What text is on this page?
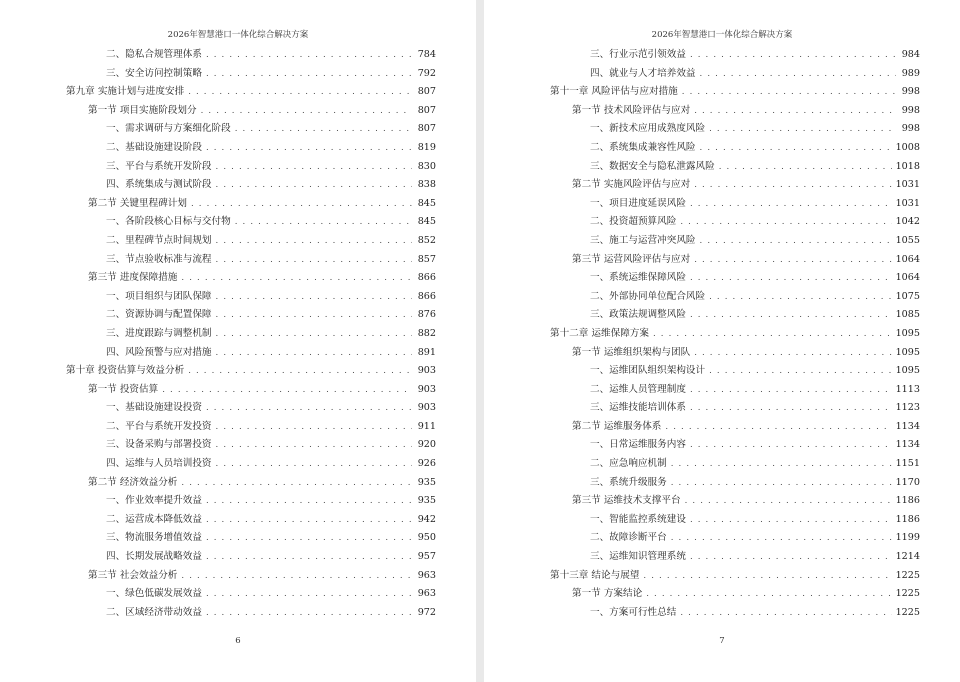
2026年智慧港口一体化综合解决方案
二、隐私合规管理体系 . . .	784
三、安全访问控制策略 . . .	792
第九章 实施计划与进度安排 . . .	807
第一节 项目实施阶段划分 . . .	807
一、需求调研与方案细化阶段 . . .	807
二、基础设施建设阶段 . . .	819
三、平台与系统开发阶段 . . .	830
四、系统集成与测试阶段 . . .	838
第二节 关键里程碑计划 . . .	845
一、各阶段核心目标与交付物 . . .	845
二、里程碑节点时间规划 . . .	852
三、节点验收标准与流程 . . .	857
第三节 进度保障措施 . . .	866
一、项目组织与团队保障 . . .	866
二、资源协调与配置保障 . . .	876
三、进度跟踪与调整机制 . . .	882
四、风险预警与应对措施 . . .	891
第十章 投资估算与效益分析 . . .	903
第一节 投资估算 . . .	903
一、基础设施建设投资 . . .	903
二、平台与系统开发投资 . . .	911
三、设备采购与部署投资 . . .	920
四、运维与人员培训投资 . . .	926
第二节 经济效益分析 . . .	935
一、作业效率提升效益 . . .	935
二、运营成本降低效益 . . .	942
三、物流服务增值效益 . . .	950
四、长期发展战略效益 . . .	957
第三节 社会效益分析 . . .	963
一、绿色低碳发展效益 . . .	963
二、区域经济带动效益 . . .	972
6
2026年智慧港口一体化综合解决方案
三、行业示范引领效益 . . .	984
四、就业与人才培养效益 . . .	989
第十一章 风险评估与应对措施 . . .	998
第一节 技术风险评估与应对 . . .	998
一、新技术应用成熟度风险 . . .	998
二、系统集成兼容性风险 . . .	1008
三、数据安全与隐私泄露风险 . . .	1018
第二节 实施风险评估与应对 . . .	1031
一、项目进度延误风险 . . .	1031
二、投资超预算风险 . . .	1042
三、施工与运营冲突风险 . . .	1055
第三节 运营风险评估与应对 . . .	1064
一、系统运维保障风险 . . .	1064
二、外部协同单位配合风险 . . .	1075
三、政策法规调整风险 . . .	1085
第十二章 运维保障方案 . . .	1095
第一节 运维组织架构与团队 . . .	1095
一、运维团队组织架构设计 . . .	1095
二、运维人员管理制度 . . .	1113
三、运维技能培训体系 . . .	1123
第二节 运维服务体系 . . .	1134
一、日常运维服务内容 . . .	1134
二、应急响应机制 . . .	1151
三、系统升级服务 . . .	1170
第三节 运维技术支撑平台 . . .	1186
一、智能监控系统建设 . . .	1186
二、故障诊断平台 . . .	1199
三、运维知识管理系统 . . .	1214
第十三章 结论与展望 . . .	1225
第一节 方案结论 . . .	1225
一、方案可行性总结 . . .	1225
7
